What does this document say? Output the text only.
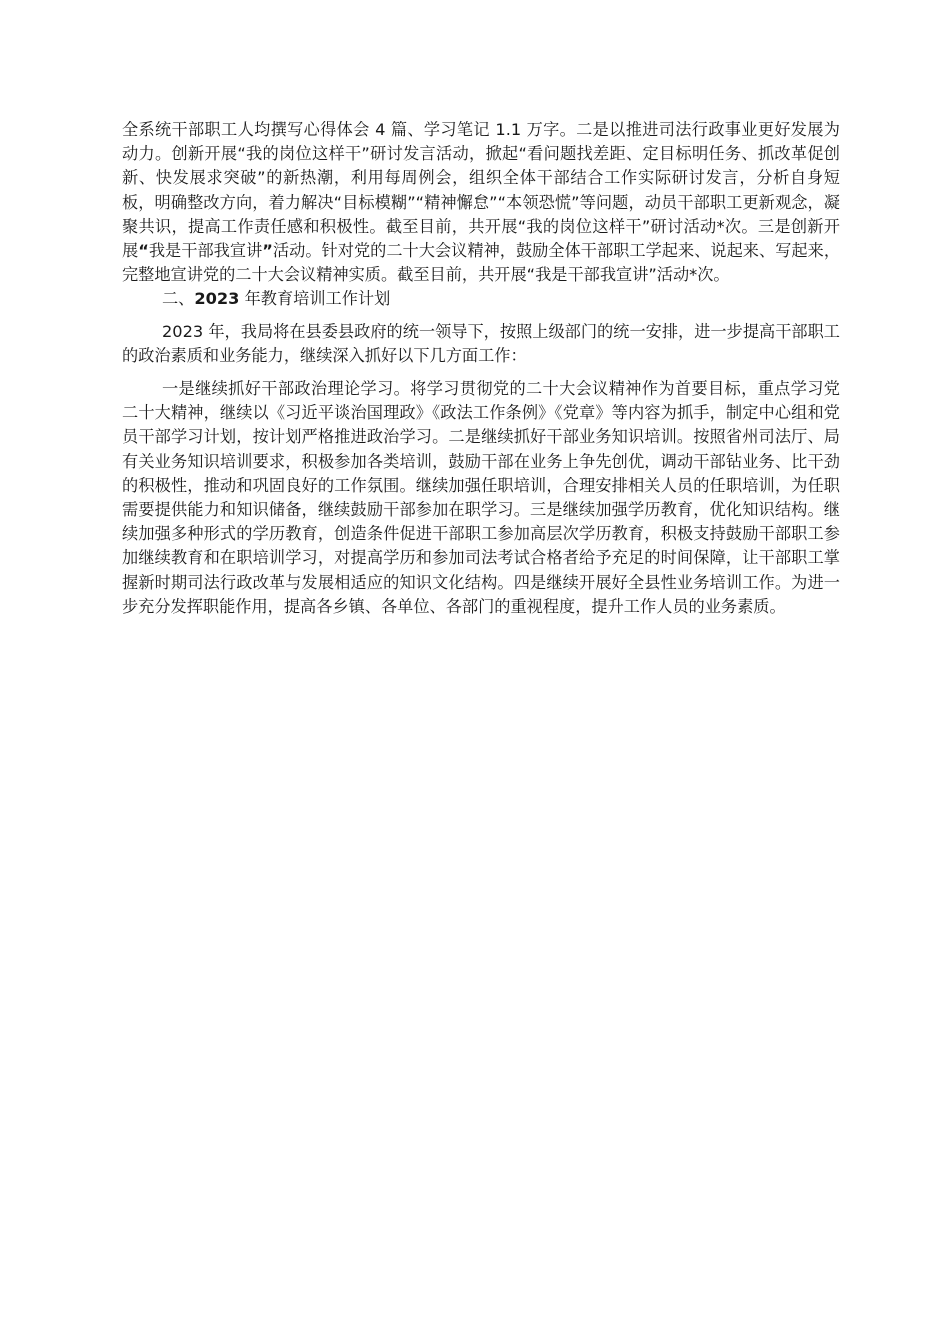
全系统干部职工人均撰写心得体会 4 篇、学习笔记 1.1 万字。二是以推进司法行政事业更好发展为动力。创新开展“我的岗位这样干”研讨发言活动，掀起“看问题找差距、定目标明任务、抓改革促创新、快发展求突破”的新热潮，利用每周例会，组织全体干部结合工作实际研讨发言，分析自身短板，明确整改方向，着力解决“目标模糊”“精神懈怠”“本领恐慌”等问题，动员干部职工更新观念，凝聚共识，提高工作责任感和积极性。截至目前，共开展“我的岗位这样干”研讨活动*次。三是创新开展“我是干部我宣讲”活动。针对党的二十大会议精神，鼓励全体干部职工学起来、说起来、写起来，完整地宣讲党的二十大会议精神实质。截至目前，共开展“我是干部我宣讲”活动*次。

二、2023 年教育培训工作计划

2023 年，我局将在县委县政府的统一领导下，按照上级部门的统一安排，进一步提高干部职工的政治素质和业务能力，继续深入抓好以下几方面工作：

一是继续抓好干部政治理论学习。将学习贯彻党的二十大会议精神作为首要目标，重点学习党二十大精神，继续以《习近平谈治国理政》《政法工作条例》《党章》等内容为抓手，制定中心组和党员干部学习计划，按计划严格推进政治学习。二是继续抓好干部业务知识培训。按照省州司法厅、局有关业务知识培训要求，积极参加各类培训，鼓励干部在业务上争先创优，调动干部钻业务、比干劲的积极性，推动和巩固良好的工作氛围。继续加强任职培训，合理安排相关人员的任职培训，为任职需要提供能力和知识储备，继续鼓励干部参加在职学习。三是继续加强学历教育，优化知识结构。继续加强多种形式的学历教育，创造条件促进干部职工参加高层次学历教育，积极支持鼓励干部职工参加继续教育和在职培训学习，对提高学历和参加司法考试合格者给予充足的时间保障，让干部职工掌握新时期司法行政改革与发展相适应的知识文化结构。四是继续开展好全县性业务培训工作。为进一步充分发挥职能作用，提高各乡镇、各单位、各部门的重视程度，提升工作人员的业务素质。
